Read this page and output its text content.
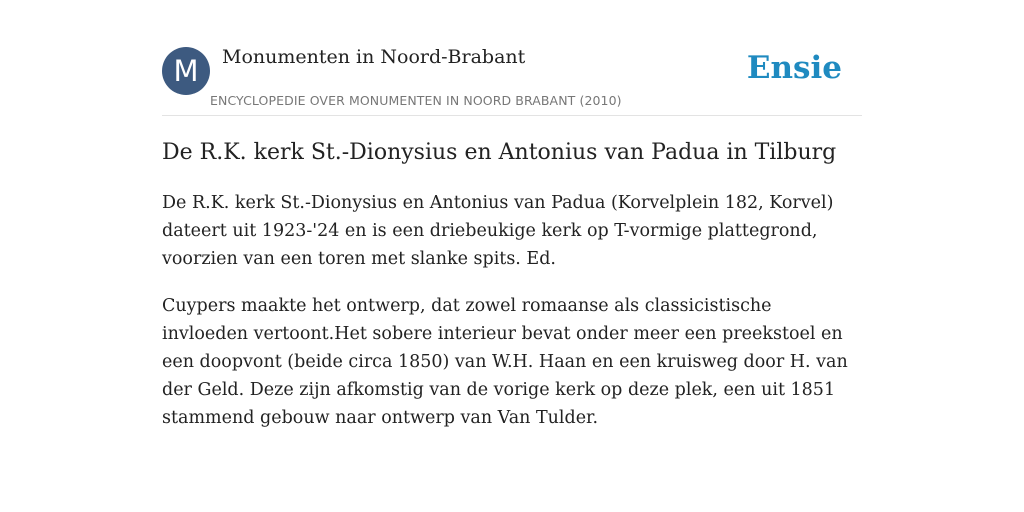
M	Monumenten in Noord-Brabant
ENCYCLOPEDIE OVER MONUMENTEN IN NOORD BRABANT (2010)
Ensie
De R.K. kerk St.-Dionysius en Antonius van Padua in Tilburg

De R.K. kerk St.-Dionysius en Antonius van Padua (Korvelplein 182, Korvel) dateert uit 1923-'24 en is een driebeukige kerk op T-vormige plattegrond, voorzien van een toren met slanke spits. Ed.

Cuypers maakte het ontwerp, dat zowel romaanse als classicistische invloeden vertoont.Het sobere interieur bevat onder meer een preekstoel en een doopvont (beide circa 1850) van W.H. Haan en een kruisweg door H. van der Geld. Deze zijn afkomstig van de vorige kerk op deze plek, een uit 1851 stammend gebouw naar ontwerp van Van Tulder.
